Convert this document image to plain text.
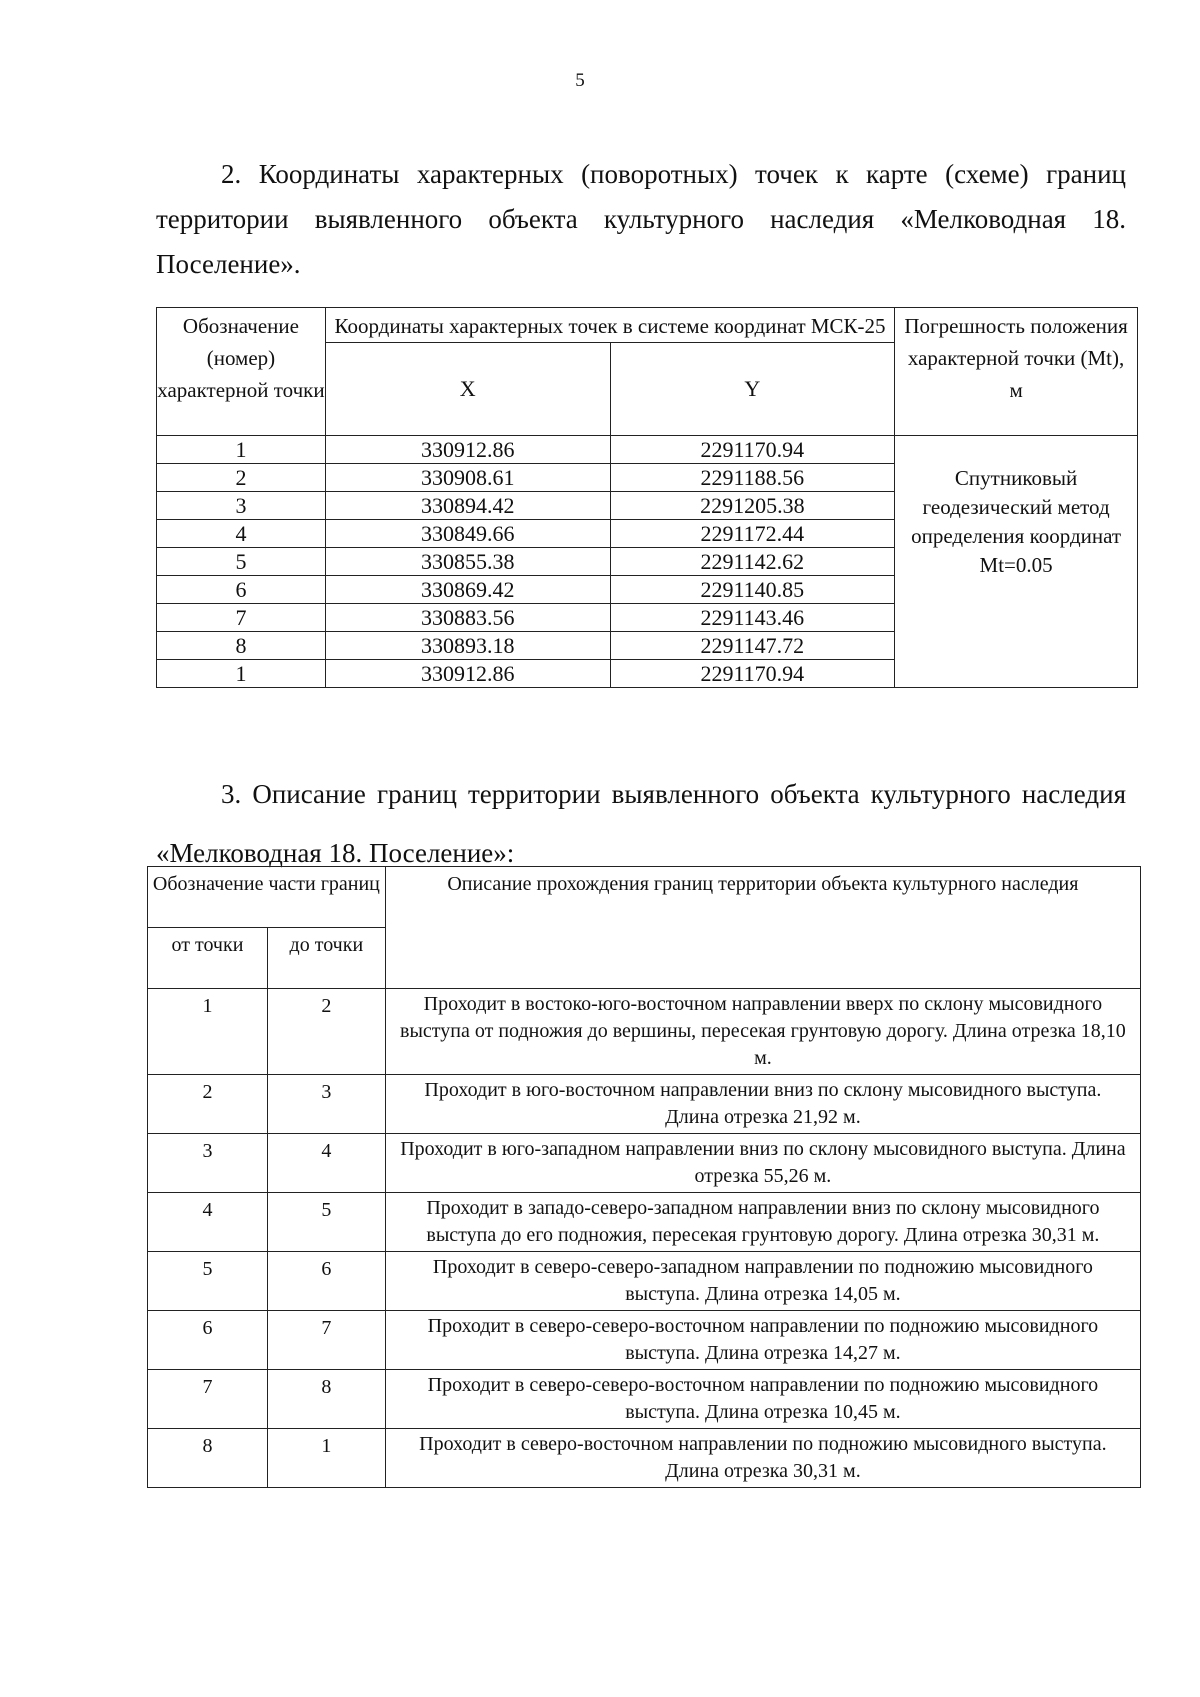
5
2. Координаты характерных (поворотных) точек к карте (схеме) границ территории выявленного объекта культурного наследия «Мелководная 18. Поселение».
Обозначение (номер) характерной точки	Координаты характерных точек в системе координат МСК-25		Погрешность положения характерной точки (Mt), м
	X	Y	
1	330912.86	2291170.94	Спутниковый геодезический метод определения координат Mt=0.05
2	330908.61	2291188.56	
3	330894.42	2291205.38	
4	330849.66	2291172.44	
5	330855.38	2291142.62	
6	330869.42	2291140.85	
7	330883.56	2291143.46	
8	330893.18	2291147.72	
1	330912.86	2291170.94	
3. Описание границ территории выявленного объекта культурного наследия «Мелководная 18. Поселение»:
Обозначение части границ		Описание прохождения границ территории объекта культурного наследия
от точки	до точки	
1	2	Проходит в востоко-юго-восточном направлении вверх по склону мысовидного выступа от подножия до вершины, пересекая грунтовую дорогу. Длина отрезка 18,10 м.
2	3	Проходит в юго-восточном направлении вниз по склону мысовидного выступа. Длина отрезка 21,92 м.
3	4	Проходит в юго-западном направлении вниз по склону мысовидного выступа. Длина отрезка 55,26 м.
4	5	Проходит в западо-северо-западном направлении вниз по склону мысовидного выступа до его подножия, пересекая грунтовую дорогу. Длина отрезка 30,31 м.
5	6	Проходит в северо-северо-западном направлении по подножию мысовидного выступа. Длина отрезка 14,05 м.
6	7	Проходит в северо-северо-восточном направлении по подножию мысовидного выступа. Длина отрезка 14,27 м.
7	8	Проходит в северо-северо-восточном направлении по подножию мысовидного выступа. Длина отрезка 10,45 м.
8	1	Проходит в северо-восточном направлении по подножию мысовидного выступа. Длина отрезка 30,31 м.
